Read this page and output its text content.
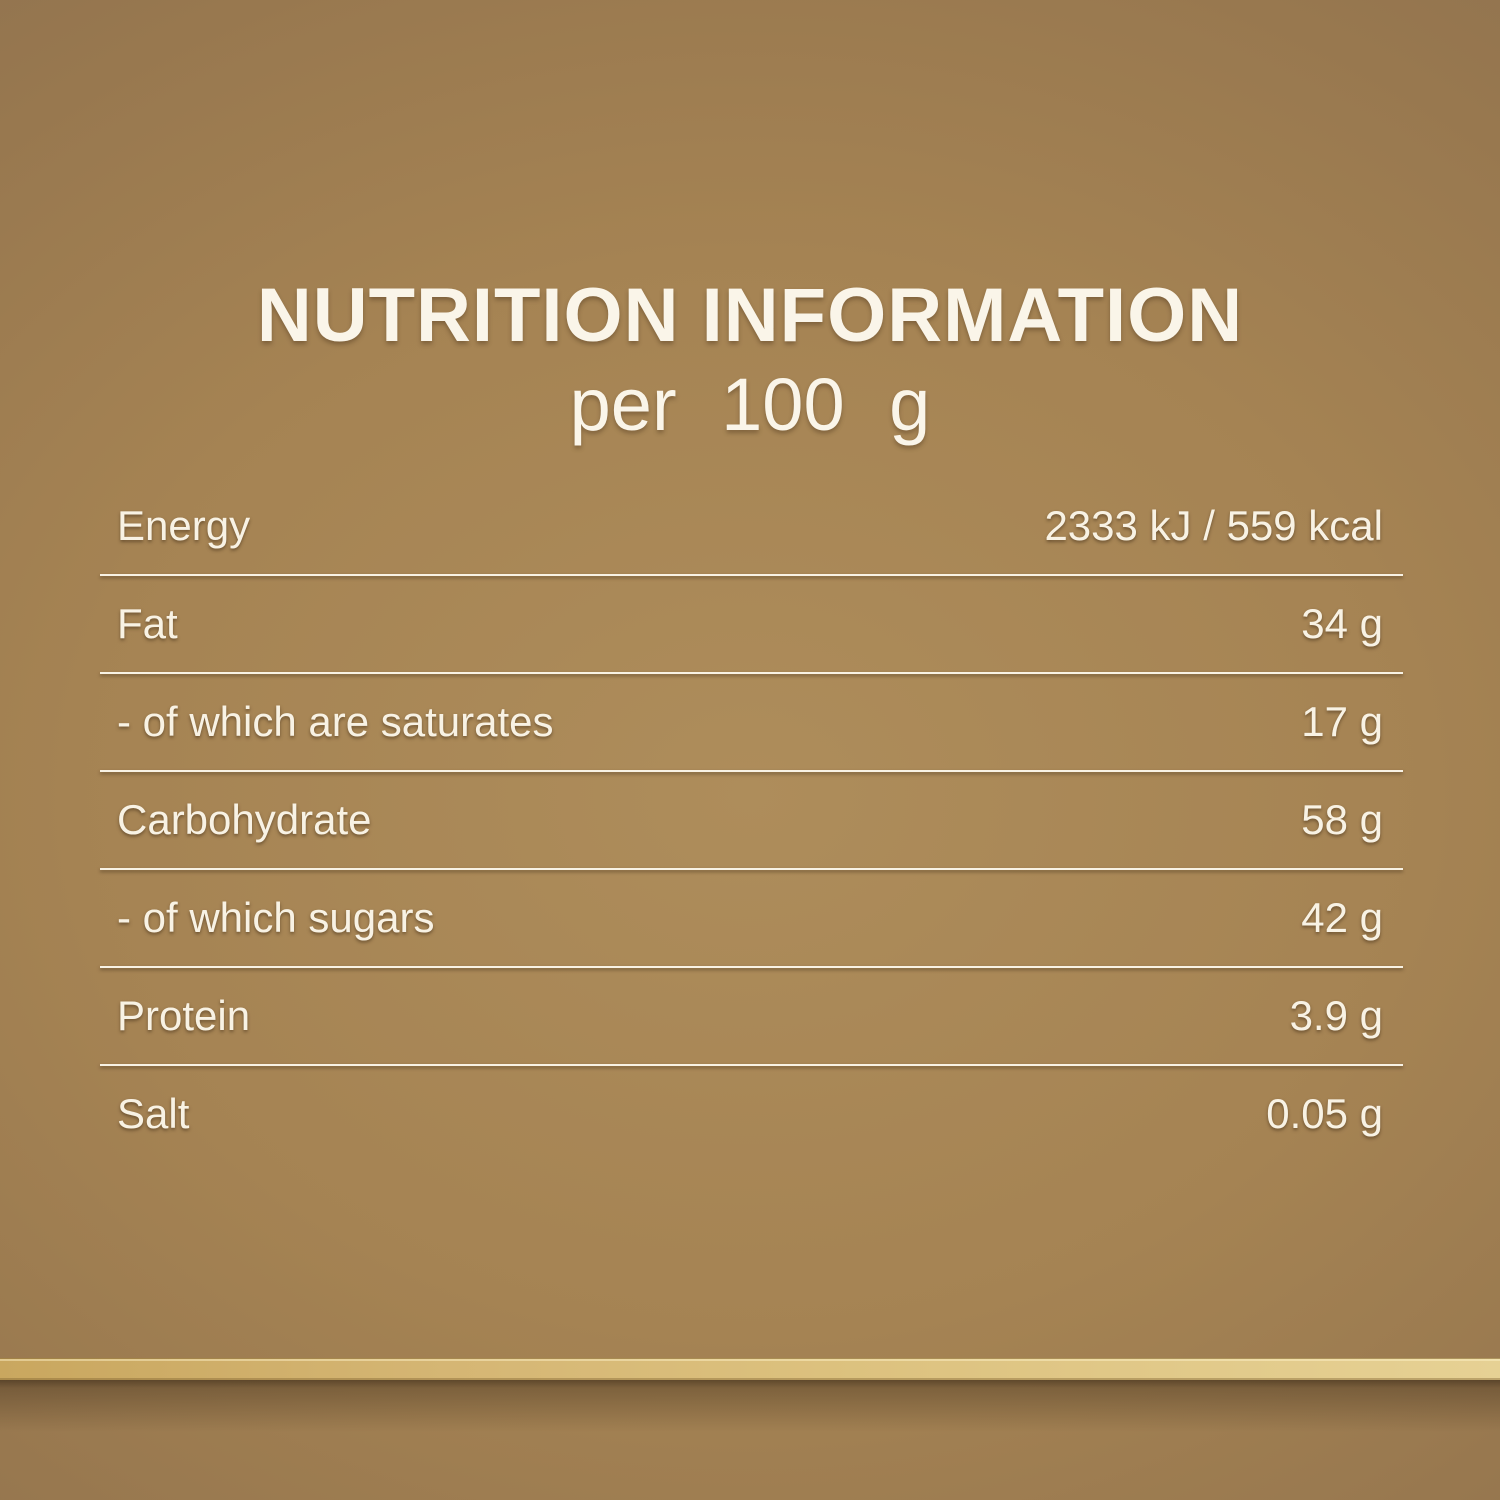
NUTRITION INFORMATION
per 100 g
Energy	2333 kJ / 559 kcal
Fat	34 g
- of which are saturates	17 g
Carbohydrate	58 g
- of which sugars	42 g
Protein	3.9 g
Salt	0.05 g
